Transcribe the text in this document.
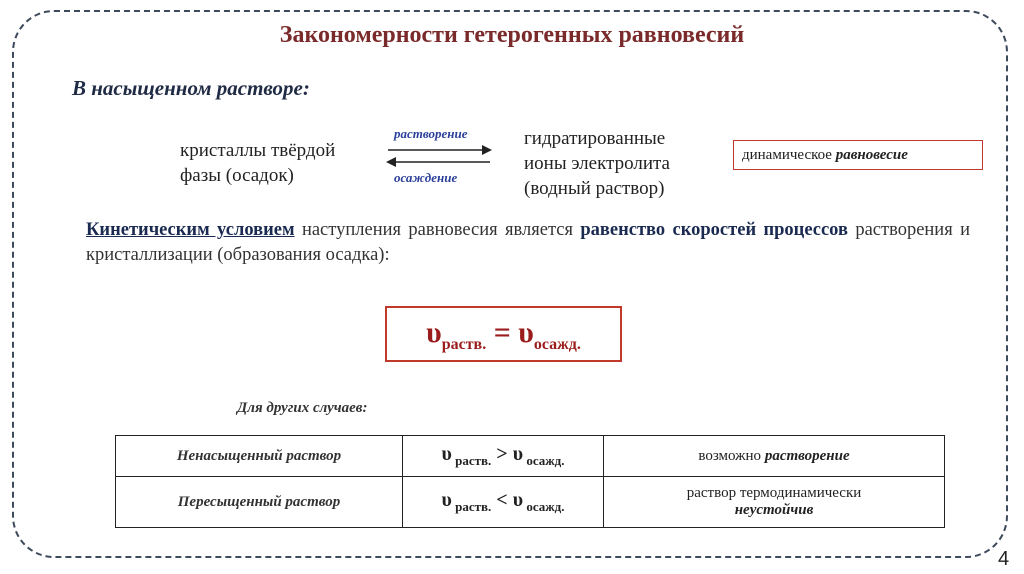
Закономерности гетерогенных равновесий
В насыщенном растворе:
кристаллы твёрдой
фазы (осадок)
растворение
осаждение
гидратированные
ионы электролита
(водный раствор)
динамическое равновесие
Кинетическим условием наступления равновесия является равенство скоростей процессов растворения и кристаллизации (образования осадка):
$\upsilon_{раств.} = \upsilon_{осажд.}$
Для других случаев:
Ненасыщенный раствор	υ $_{раств.}$ > υ $_{осажд.}$	возможно растворение
Пересыщенный раствор	υ $_{раств.}$ < υ $_{осажд.}$	раствор термодинамически
неустойчив
4
